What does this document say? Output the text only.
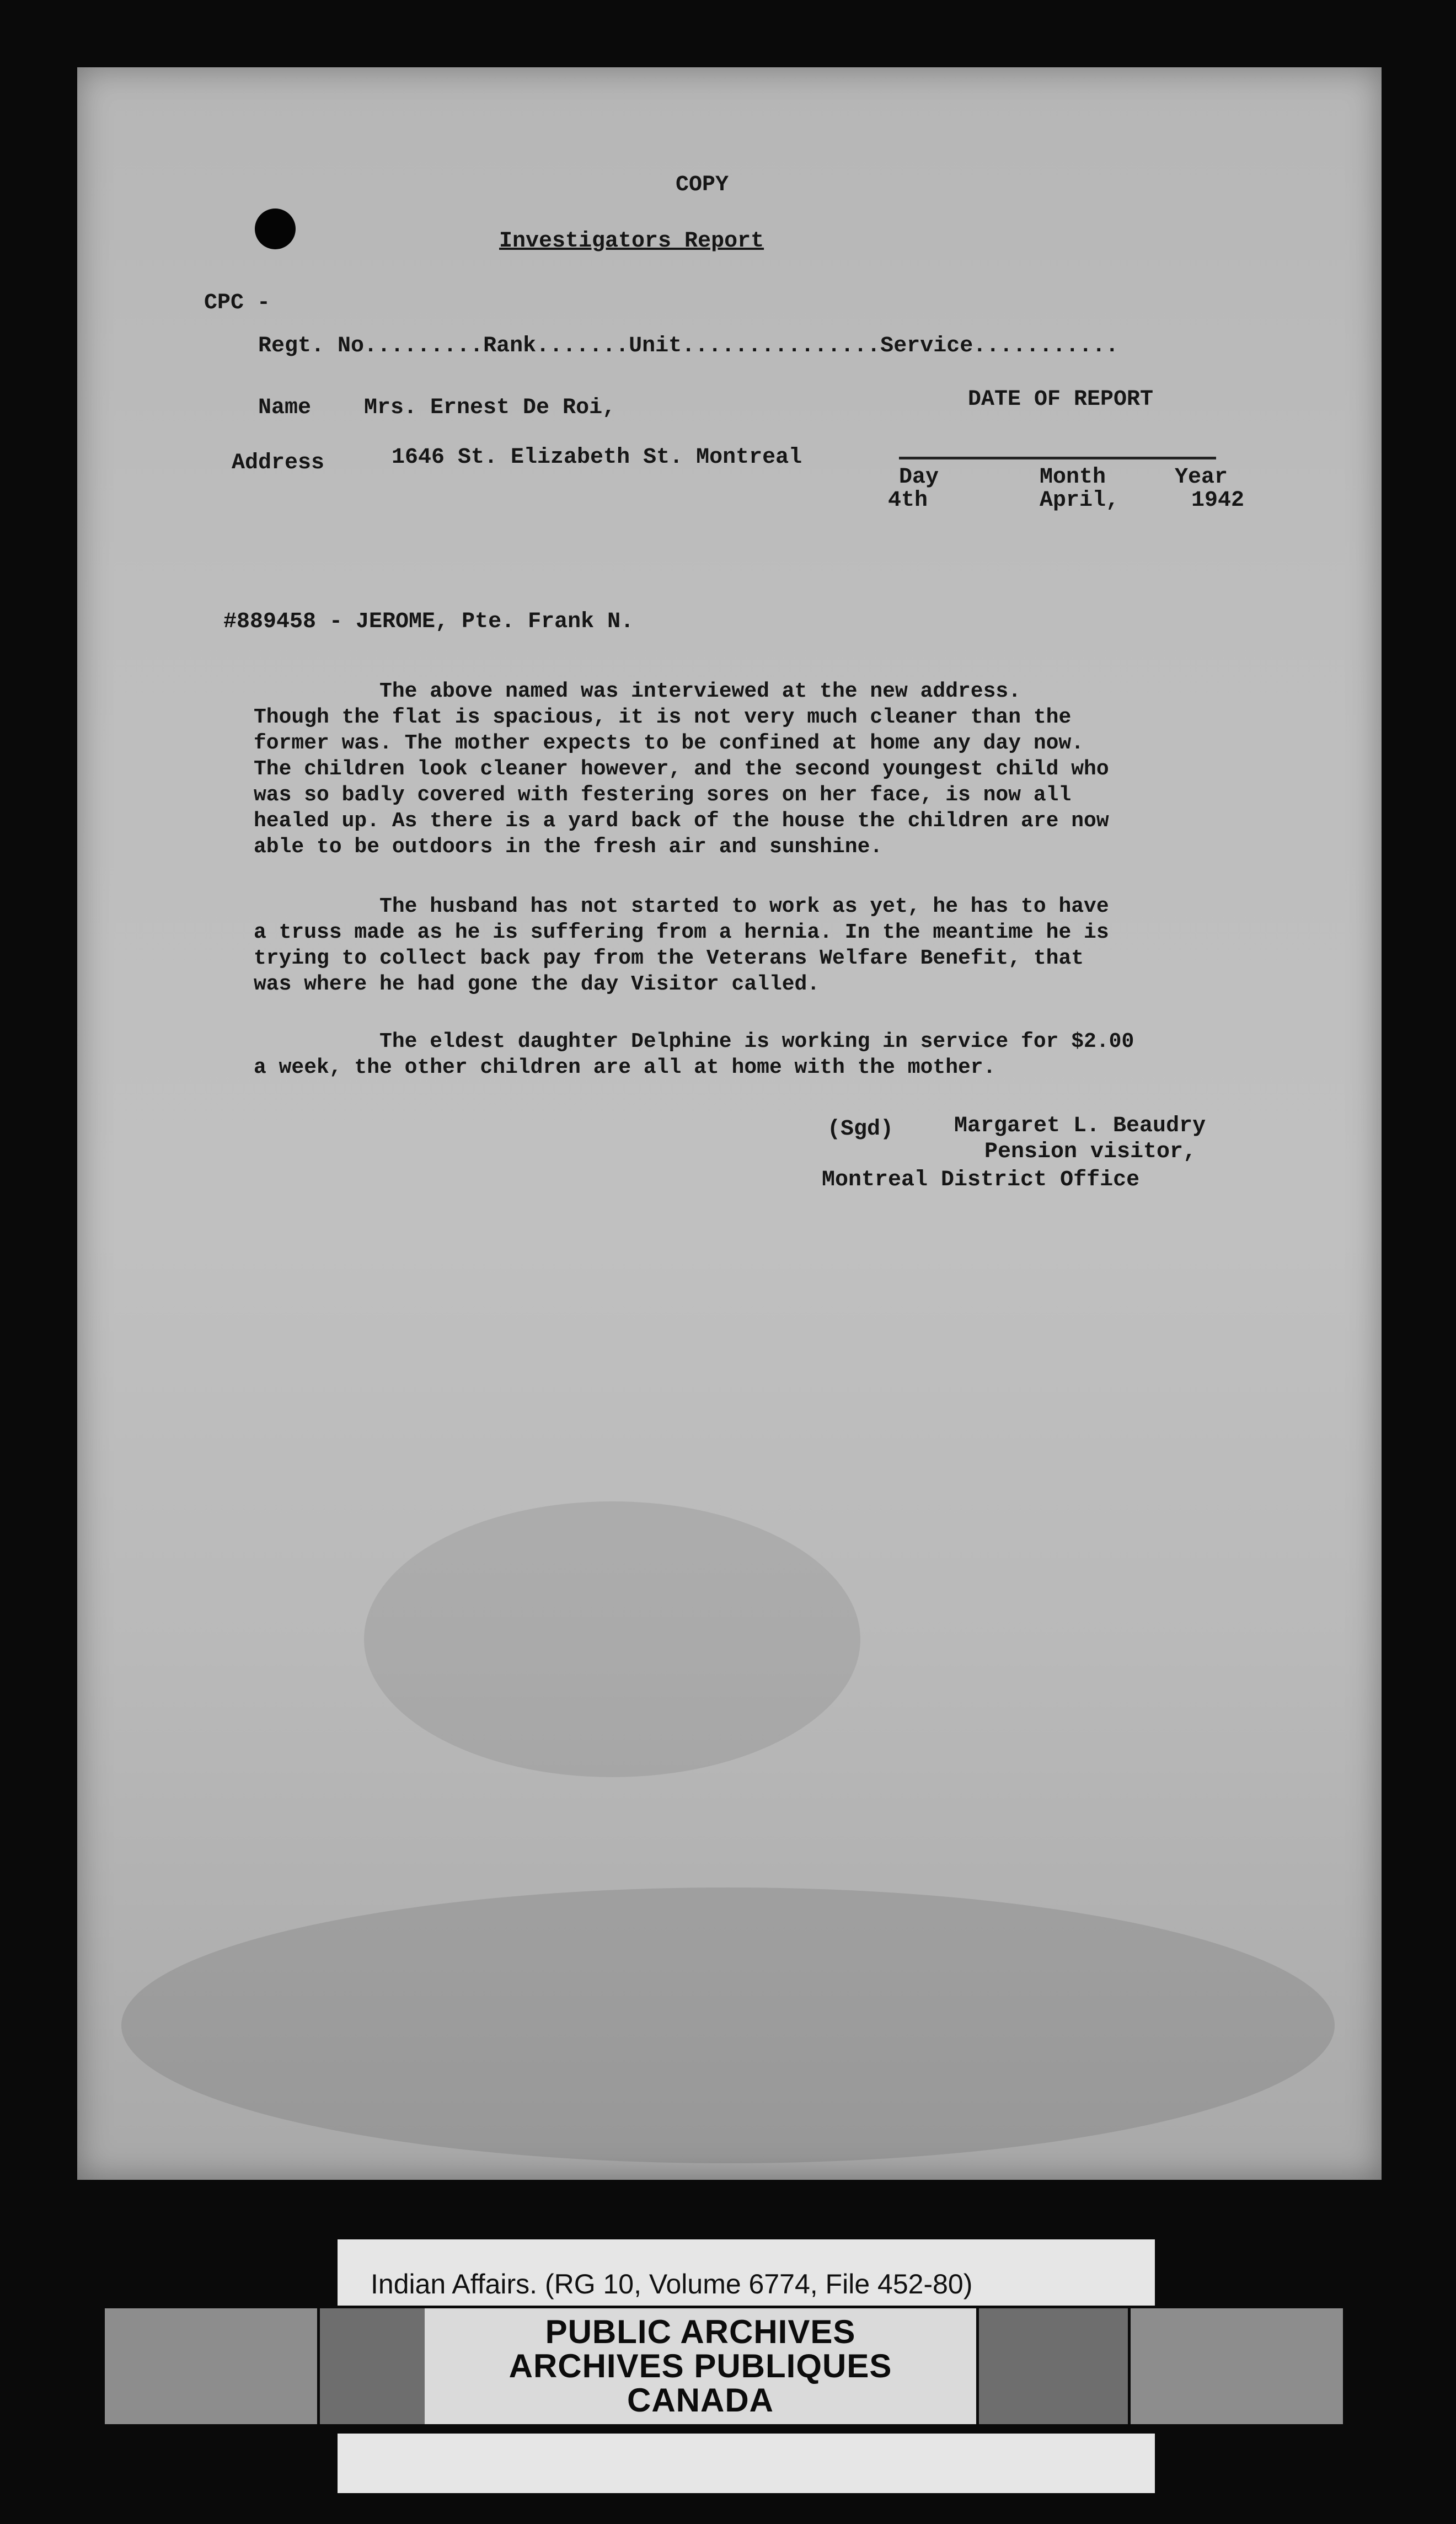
COPY
Investigators Report
CPC -
Regt. No.........Rank.......Unit...............Service...........
Name Mrs. Ernest De Roi,	DATE OF REPORT
Address	1646 St. Elizabeth St. Montreal
Day	Month	Year
4th	April,	1942
#889458 - JEROME, Pte. Frank N.
The above named was interviewed at the new address.
Though the flat is spacious, it is not very much cleaner than the
former was. The mother expects to be confined at home any day now.
The children look cleaner however, and the second youngest child who
was so badly covered with festering sores on her face, is now all
healed up. As there is a yard back of the house the children are now
able to be outdoors in the fresh air and sunshine.
The husband has not started to work as yet, he has to have
a truss made as he is suffering from a hernia. In the meantime he is
trying to collect back pay from the Veterans Welfare Benefit, that
was where he had gone the day Visitor called.
The eldest daughter Delphine is working in service for $2.00
a week, the other children are all at home with the mother.
(Sgd)	Margaret L. Beaudry
Pension visitor,
Montreal District Office
Indian Affairs. (RG 10, Volume 6774, File 452-80)
PUBLIC ARCHIVES
ARCHIVES PUBLIQUES
CANADA
